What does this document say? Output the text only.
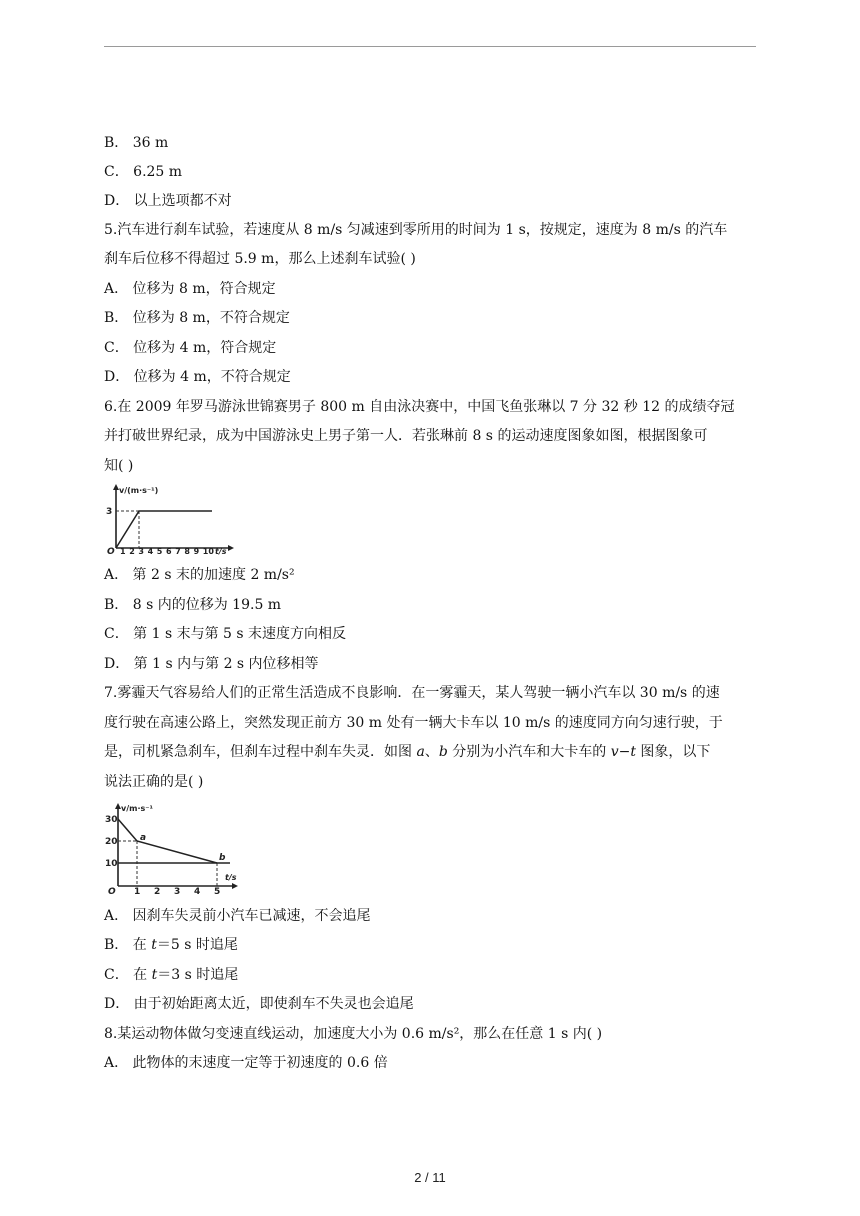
B． 36 m
C． 6.25 m
D． 以上选项都不对
5.汽车进行刹车试验，若速度从 8 m/s 匀减速到零所用的时间为 1 s，按规定，速度为 8 m/s 的汽车
刹车后位移不得超过 5.9 m，那么上述刹车试验( )
A． 位移为 8 m，符合规定
B． 位移为 8 m，不符合规定
C． 位移为 4 m，符合规定
D． 位移为 4 m，不符合规定
6.在 2009 年罗马游泳世锦赛男子 800 m 自由泳决赛中，中国飞鱼张琳以 7 分 32 秒 12 的成绩夺冠
并打破世界纪录，成为中国游泳史上男子第一人．若张琳前 8 s 的运动速度图象如图，根据图象可
知( )
v/(m·s⁻¹)
3
O 1 2 3 4 5 6 7 8 9 10 t/s
A． 第 2 s 末的加速度 2 m/s²
B． 8 s 内的位移为 19.5 m
C． 第 1 s 末与第 5 s 末速度方向相反
D． 第 1 s 内与第 2 s 内位移相等
7.雾霾天气容易给人们的正常生活造成不良影响．在一雾霾天，某人驾驶一辆小汽车以 30 m/s 的速
度行驶在高速公路上，突然发现正前方 30 m 处有一辆大卡车以 10 m/s 的速度同方向匀速行驶，于
是，司机紧急刹车，但刹车过程中刹车失灵．如图 a、b 分别为小汽车和大卡车的 v−t 图象，以下
说法正确的是( )
v/m·s⁻¹
30
20
10
a
b
O 1 2 3 4 5
t/s
A． 因刹车失灵前小汽车已减速，不会追尾
B． 在 t＝5 s 时追尾
C． 在 t＝3 s 时追尾
D． 由于初始距离太近，即使刹车不失灵也会追尾
8.某运动物体做匀变速直线运动，加速度大小为 0.6 m/s²，那么在任意 1 s 内( )
A． 此物体的末速度一定等于初速度的 0.6 倍
2 / 11
